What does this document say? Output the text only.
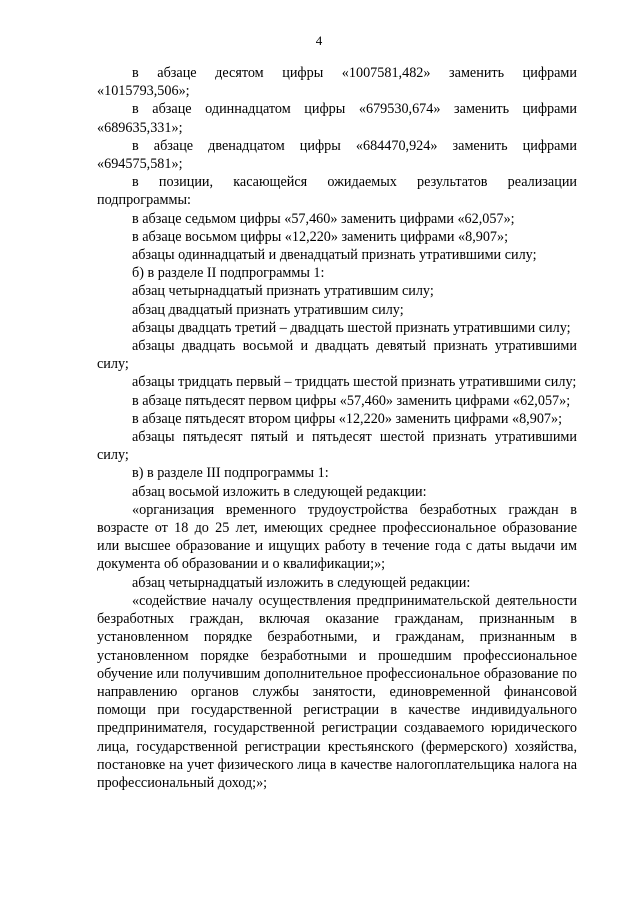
4

в абзаце десятом цифры «1007581,482» заменить цифрами «1015793,506»;

в абзаце одиннадцатом цифры «679530,674» заменить цифрами «689635,331»;

в абзаце двенадцатом цифры «684470,924» заменить цифрами «694575,581»;

в позиции, касающейся ожидаемых результатов реализации подпрограммы:

в абзаце седьмом цифры «57,460» заменить цифрами «62,057»;

в абзаце восьмом цифры «12,220» заменить цифрами «8,907»;

абзацы одиннадцатый и двенадцатый признать утратившими силу;

б) в разделе II подпрограммы 1:

абзац четырнадцатый признать утратившим силу;

абзац двадцатый признать утратившим силу;

абзацы двадцать третий – двадцать шестой признать утратившими силу;

абзацы двадцать восьмой и двадцать девятый признать утратившими силу;

абзацы тридцать первый – тридцать шестой признать утратившими силу;

в абзаце пятьдесят первом цифры «57,460» заменить цифрами «62,057»;

в абзаце пятьдесят втором цифры «12,220» заменить цифрами «8,907»;

абзацы пятьдесят пятый и пятьдесят шестой признать утратившими силу;

в) в разделе III подпрограммы 1:

абзац восьмой изложить в следующей редакции:

«организация временного трудоустройства безработных граждан в возрасте от 18 до 25 лет, имеющих среднее профессиональное образование или высшее образование и ищущих работу в течение года с даты выдачи им документа об образовании и о квалификации;»;

абзац четырнадцатый изложить в следующей редакции:

«содействие началу осуществления предпринимательской деятельности безработных граждан, включая оказание гражданам, признанным в установленном порядке безработными, и гражданам, признанным в установленном порядке безработными и прошедшим профессиональное обучение или получившим дополнительное профессиональное образование по направлению органов службы занятости, единовременной финансовой помощи при государственной регистрации в качестве индивидуального предпринимателя, государственной регистрации создаваемого юридического лица, государственной регистрации крестьянского (фермерского) хозяйства, постановке на учет физического лица в качестве налогоплательщика налога на профессиональный доход;»;
